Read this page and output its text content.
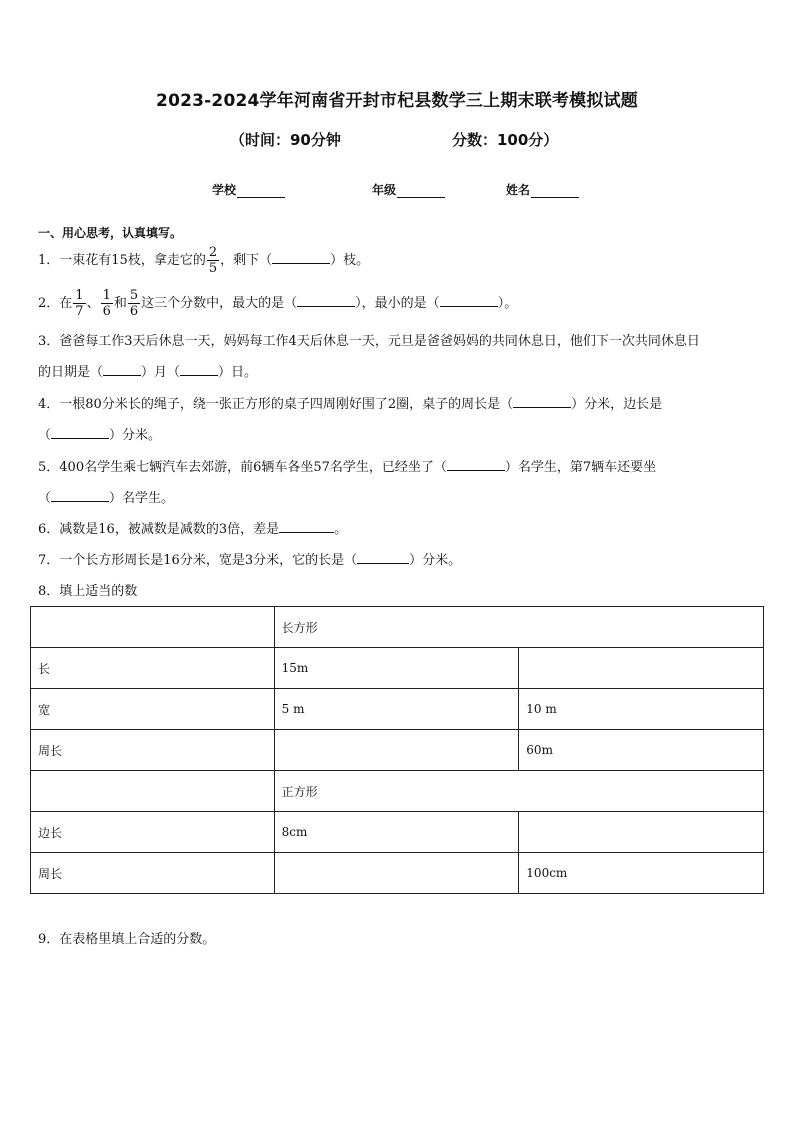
2023-2024学年河南省开封市杞县数学三上期末联考模拟试题
（时间：90分钟	分数：100分）
学校	年级	姓名
一、用心思考，认真填写。
1．一束花有15枝，拿走它的 $\frac{2}{5}$ ，剩下（	）枝。
2．在 $\frac{1}{7}$ 、 $\frac{1}{6}$ 和 $\frac{5}{6}$ 这三个分数中，最大的是（	），最小的是（	）。
3．爸爸每工作3天后休息一天，妈妈每工作4天后休息一天，元旦是爸爸妈妈的共同休息日，他们下一次共同休息日
的日期是（	）月（	）日。
4．一根80分米长的绳子，绕一张正方形的桌子四周刚好围了2圈，桌子的周长是（	）分米，边长是
（	）分米。
5．400名学生乘七辆汽车去郊游，前6辆车各坐57名学生，已经坐了（	）名学生，第7辆车还要坐
（	）名学生。
6．减数是16，被减数是减数的3倍，差是	。
7．一个长方形周长是16分米，宽是3分米，它的长是（	）分米。
8．填上适当的数
	长方形	
长	15m	
宽	5 m	10 m
周长		60m
	正方形	
边长	8cm	
周长		100cm
9．在表格里填上合适的分数。
